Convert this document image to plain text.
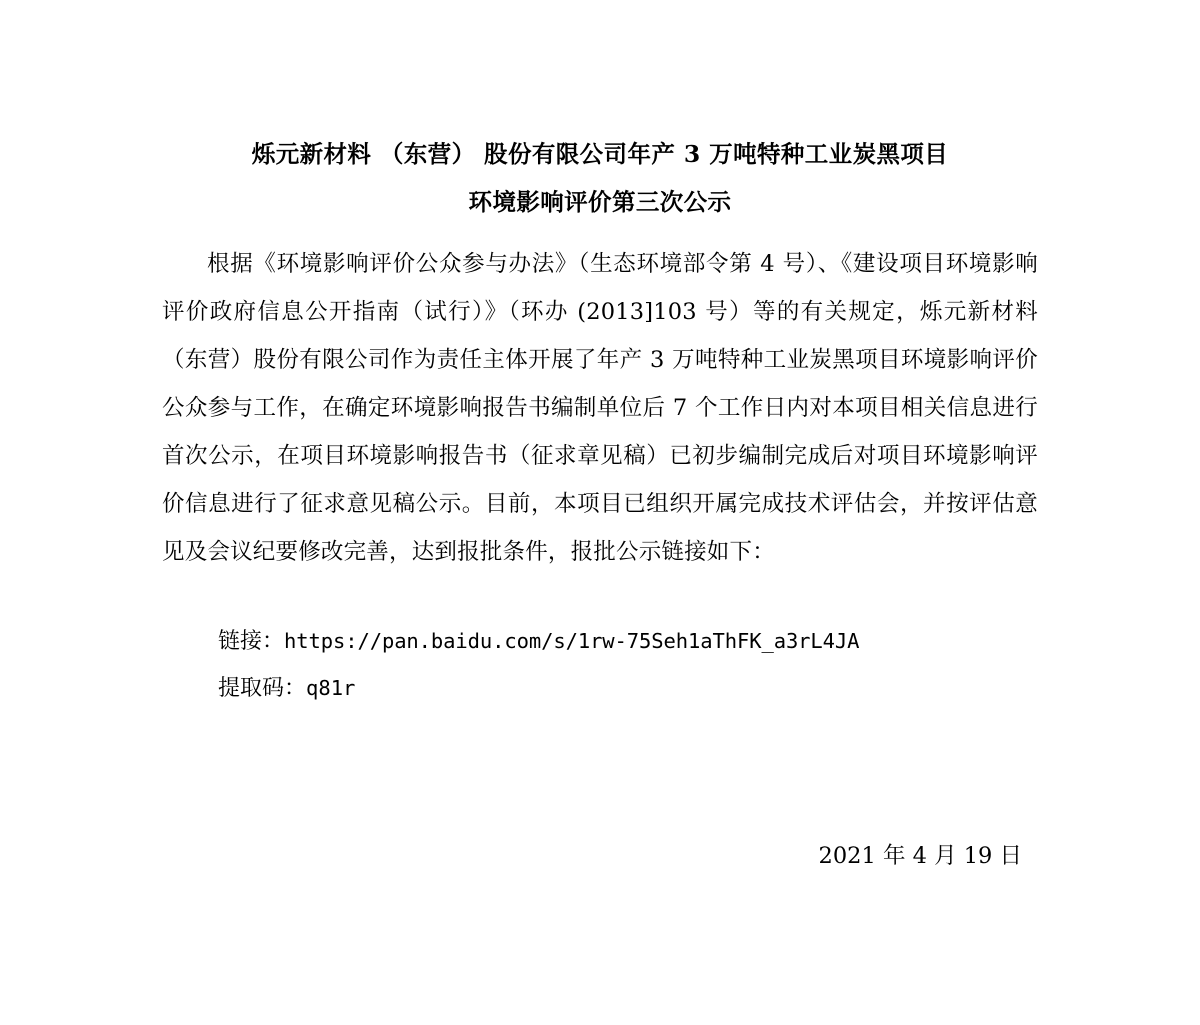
烁元新材料 （东营） 股份有限公司年产 3 万吨特种工业炭黑项目
环境影响评价第三次公示
根据《环境影响评价公众参与办法》（生态环境部令第 4 号）、《建设项目环境影响评价政府信息公开指南（试行）》（环办 (2013]103 号）等的有关规定，烁元新材料（东营）股份有限公司作为责任主体开展了年产 3 万吨特种工业炭黑项目环境影响评价公众参与工作，在确定环境影响报告书编制单位后 7 个工作日内对本项目相关信息进行首次公示，在项目环境影响报告书（征求章见稿）已初步编制完成后对项目环境影响评价信息进行了征求意见稿公示。目前，本项目已组织开属完成技术评估会，并按评估意见及会议纪要修改完善，达到报批条件，报批公示链接如下：
链接：https://pan.baidu.com/s/1rw-75Seh1aThFK_a3rL4JA
提取码：q81r
2021 年 4 月 19 日
